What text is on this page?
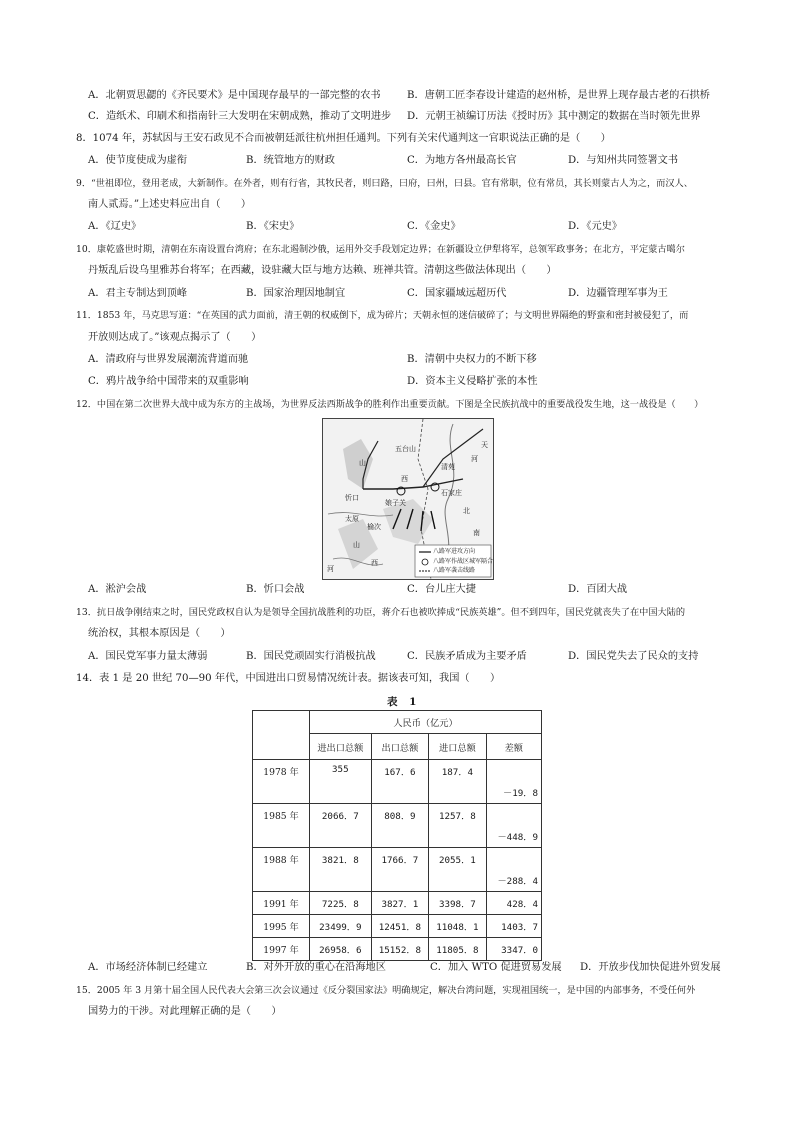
A．北朝贾思勰的《齐民要术》是中国现存最早的一部完整的农书	B．唐朝工匠李春设计建造的赵州桥，是世界上现存最古老的石拱桥
C．造纸术、印刷术和指南针三大发明在宋朝成熟，推动了文明进步 D．元朝王祯编订历法《授时历》其中测定的数据在当时领先世界
8．1074 年，苏轼因与王安石政见不合而被朝廷派往杭州担任通判。下列有关宋代通判这一官职说法正确的是（　　）
A．使节度使成为虚衔	B．统管地方的财政	C．为地方各州最高长官	D．与知州共同签署文书
9．“世祖即位，登用老成，大新制作。在外者，则有行省，其牧民者，则曰路，曰府，曰州，曰县。官有常职，位有常员，其长则蒙古人为之，而汉人、
南人贰焉。”上述史料应出自（　　）
A．《辽史》	B．《宋史》	C．《金史》	D．《元史》
10．康乾盛世时期，清朝在东南设置台湾府；在东北遏制沙俄，运用外交手段划定边界；在新疆设立伊犁将军，总领军政事务；在北方，平定蒙古噶尔
丹叛乱后设乌里雅苏台将军；在西藏，设驻藏大臣与地方达赖、班禅共管。清朝这些做法体现出（　　）
A．君主专制达到顶峰	B．国家治理因地制宜	C．国家疆域远超历代	D．边疆管理军事为王
11．1853 年，马克思写道：“在英国的武力面前，清王朝的权威倒下，成为碎片；天朝永恒的迷信破碎了；与文明世界隔绝的野蛮和密封被侵犯了，而
开放则达成了。”该观点揭示了（　　）
A．清政府与世界发展潮流背道而驰	B．清朝中央权力的不断下移
C．鸦片战争给中国带来的双重影响	D．资本主义侵略扩张的本性
12．中国在第二次世界大战中成为东方的主战场，为世界反法西斯战争的胜利作出重要贡献。下图是全民族抗战中的重要战役发生地，这一战役是（　　）
五台山
山
忻口
清苑
河
天
西
太原
娘子关
石家庄
北
榆次
山
西
河
南
八路军进攻方向
八路军作战区城军隔合
八路军袭击线路
A．淞沪会战	B．忻口会战	C．台儿庄大捷	D．百团大战
13．抗日战争刚结束之时，国民党政权自认为是领导全国抗战胜利的功臣，蒋介石也被吹捧成“民族英雄”。但不到四年，国民党就丧失了在中国大陆的
统治权，其根本原因是（　　）
A．国民党军事力量太薄弱	B．国民党顽固实行消极抗战	C．民族矛盾成为主要矛盾	D．国民党失去了民众的支持
14．表 1 是 20 世纪 70—90 年代，中国进出口贸易情况统计表。据该表可知，我国（　　）
表 1
	人民币（亿元）			
	进出口总额	出口总额	进口总额	差额
1978 年	355	167．6	187．4	－19．8
1985 年	2066．7	808．9	1257．8	－448．9
1988 年	3821．8	1766．7	2055．1	－288．4
1991 年	7225．8	3827．1	3398．7	428．4
1995 年	23499．9	12451．8	11048．1	1403．7
1997 年	26958．6	15152．8	11805．8	3347．0
A．市场经济体制已经建立	B．对外开放的重心在沿海地区	C．加入 WTO 促进贸易发展 D．开放步伐加快促进外贸发展
15．2005 年 3 月第十届全国人民代表大会第三次会议通过《反分裂国家法》明确规定，解决台湾问题，实现祖国统一，是中国的内部事务，不受任何外
国势力的干涉。对此理解正确的是（　　）
